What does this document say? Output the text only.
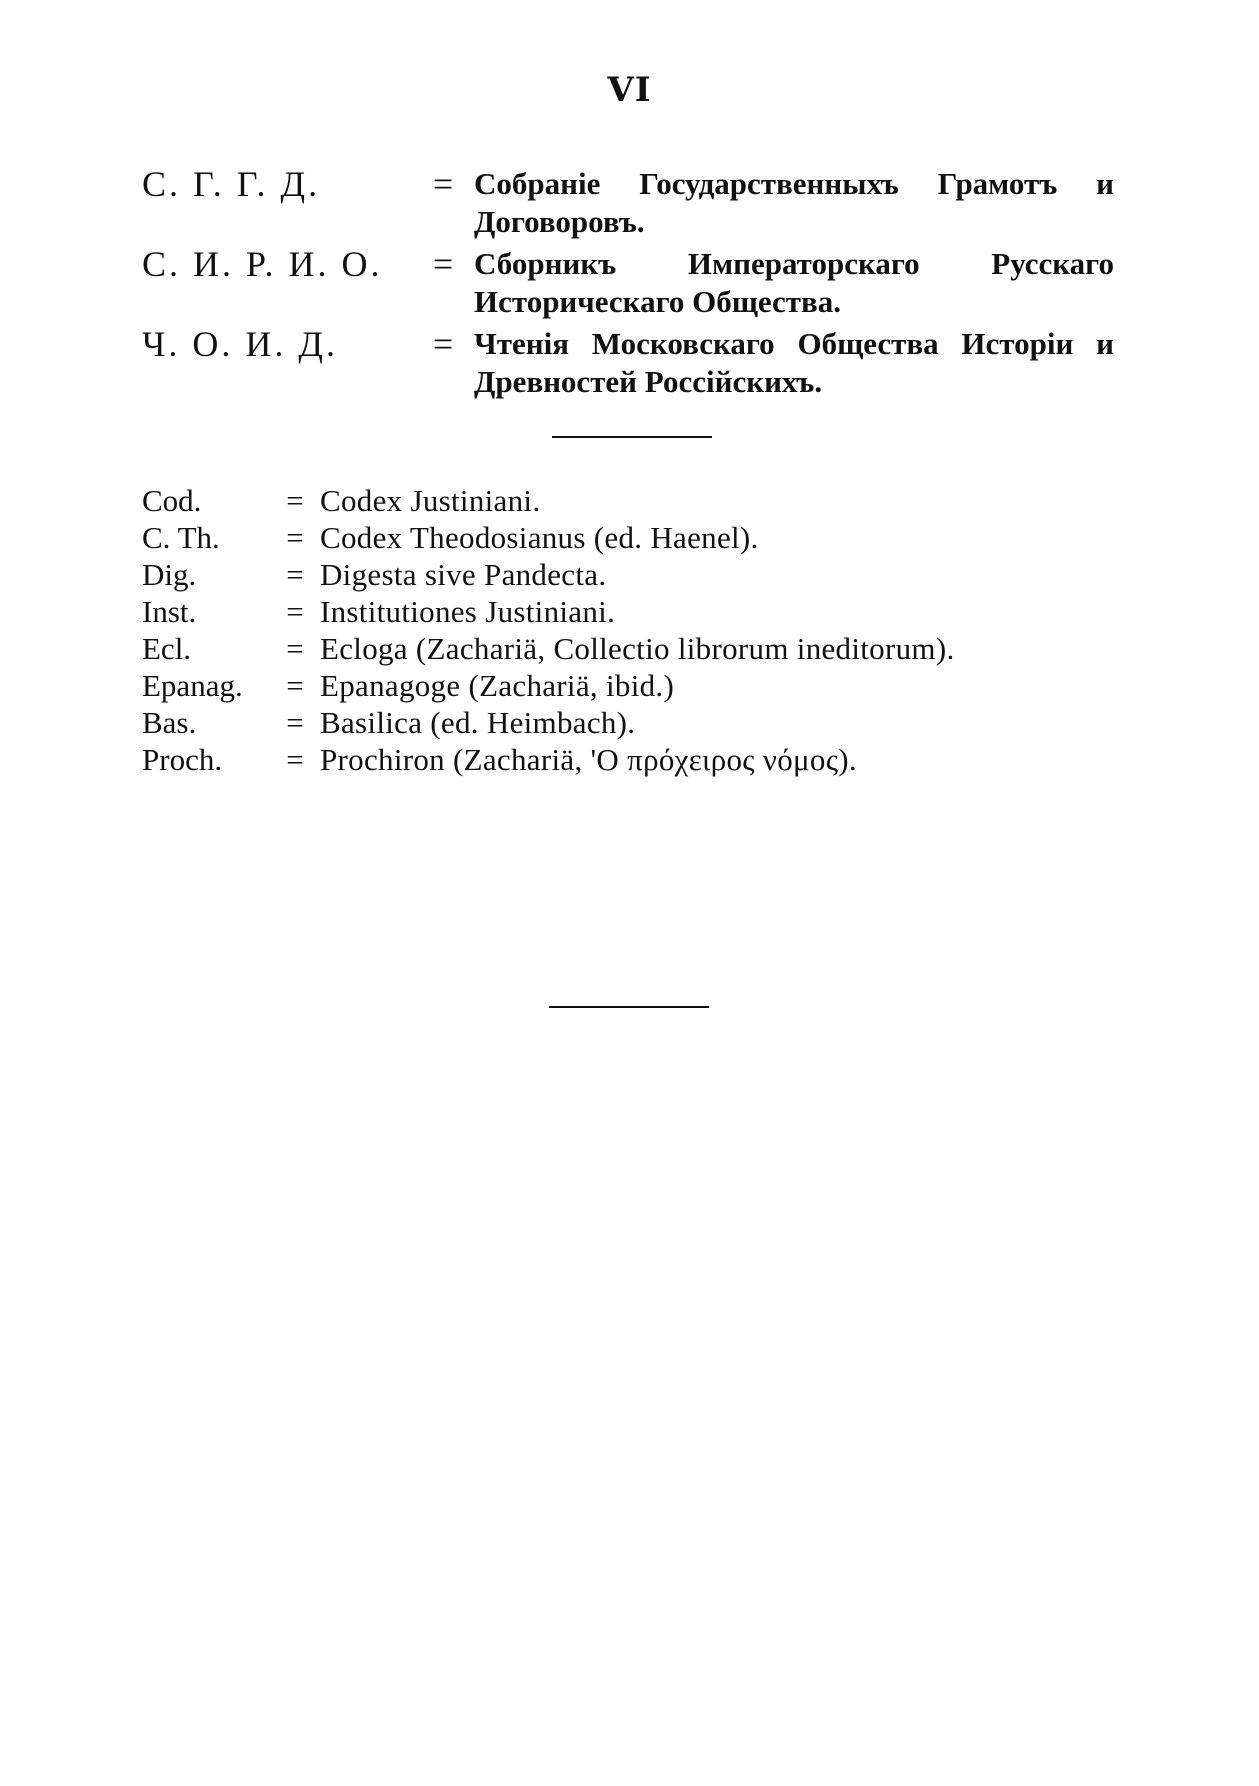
VI
С. Г. Г. Д.	= Собраніе Государственныхъ Грамотъ и Договоровъ.
С. И. Р. И. О.	= Сборникъ Императорскаго Русскаго Историческаго Общества.
Ч. О. И. Д.	= Чтенія Московскаго Общества Исторіи и Древностей Россійскихъ.
Cod.	= Codex Justiniani.
C. Th.	= Codex Theodosianus (ed. Haenel).
Dig.	= Digesta sive Pandecta.
Inst.	= Institutiones Justiniani.
Ecl.	= Ecloga (Zachariä, Collectio librorum ineditorum).
Epanag.	= Epanagoge (Zachariä, ibid.)
Bas.	= Basilica (ed. Heimbach).
Proch.	= Prochiron (Zachariä, 'Ο πρόχειρος νόμος).
